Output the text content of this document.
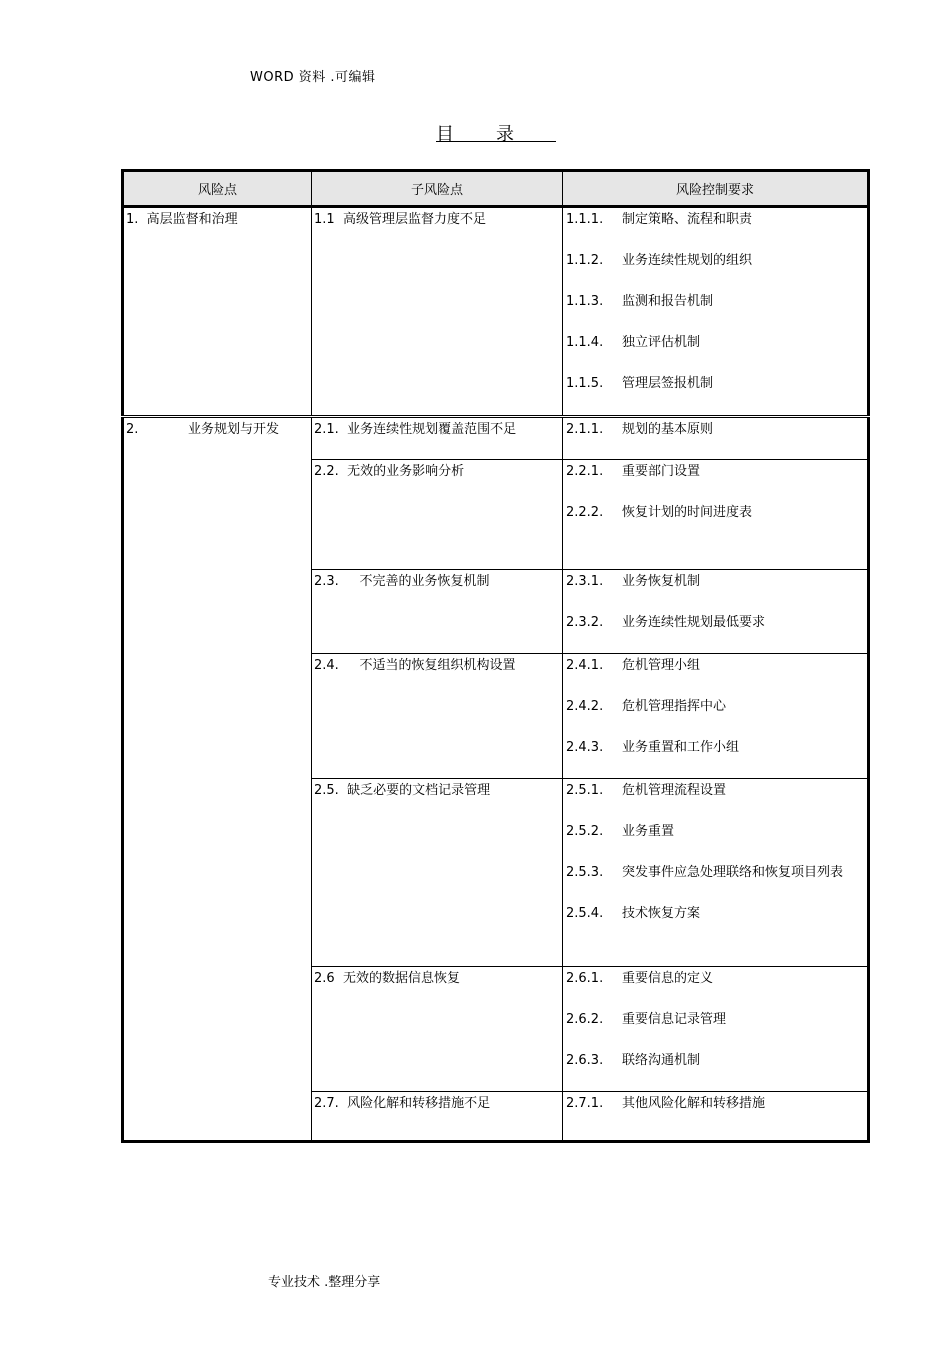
WORD 资料 .可编辑
目录
风险点	子风险点	风险控制要求

1.  高层监督和治理	1.1  高级管理层监督力度不足	1.1.1. 制定策略、流程和职责
1.1.2. 业务连续性规划的组织
1.1.3. 监测和报告机制
1.1.4. 独立评估机制
1.1.5. 管理层签报机制

2.            业务规划与开发	2.1.  业务连续性规划覆盖范围不足	2.1.1. 规划的基本原则

	2.2.  无效的业务影响分析	2.2.1. 重要部门设置
2.2.2. 恢复计划的时间进度表

	2.3.     不完善的业务恢复机制	2.3.1. 业务恢复机制
2.3.2. 业务连续性规划最低要求

	2.4.     不适当的恢复组织机构设置	2.4.1. 危机管理小组
2.4.2. 危机管理指挥中心
2.4.3. 业务重置和工作小组

	2.5.  缺乏必要的文档记录管理	2.5.1. 危机管理流程设置
2.5.2. 业务重置
2.5.3. 突发事件应急处理联络和恢复项目列表
2.5.4. 技术恢复方案

	2.6  无效的数据信息恢复	2.6.1. 重要信息的定义
2.6.2. 重要信息记录管理
2.6.3. 联络沟通机制

	2.7.  风险化解和转移措施不足	2.7.1. 其他风险化解和转移措施
专业技术 .整理分享
